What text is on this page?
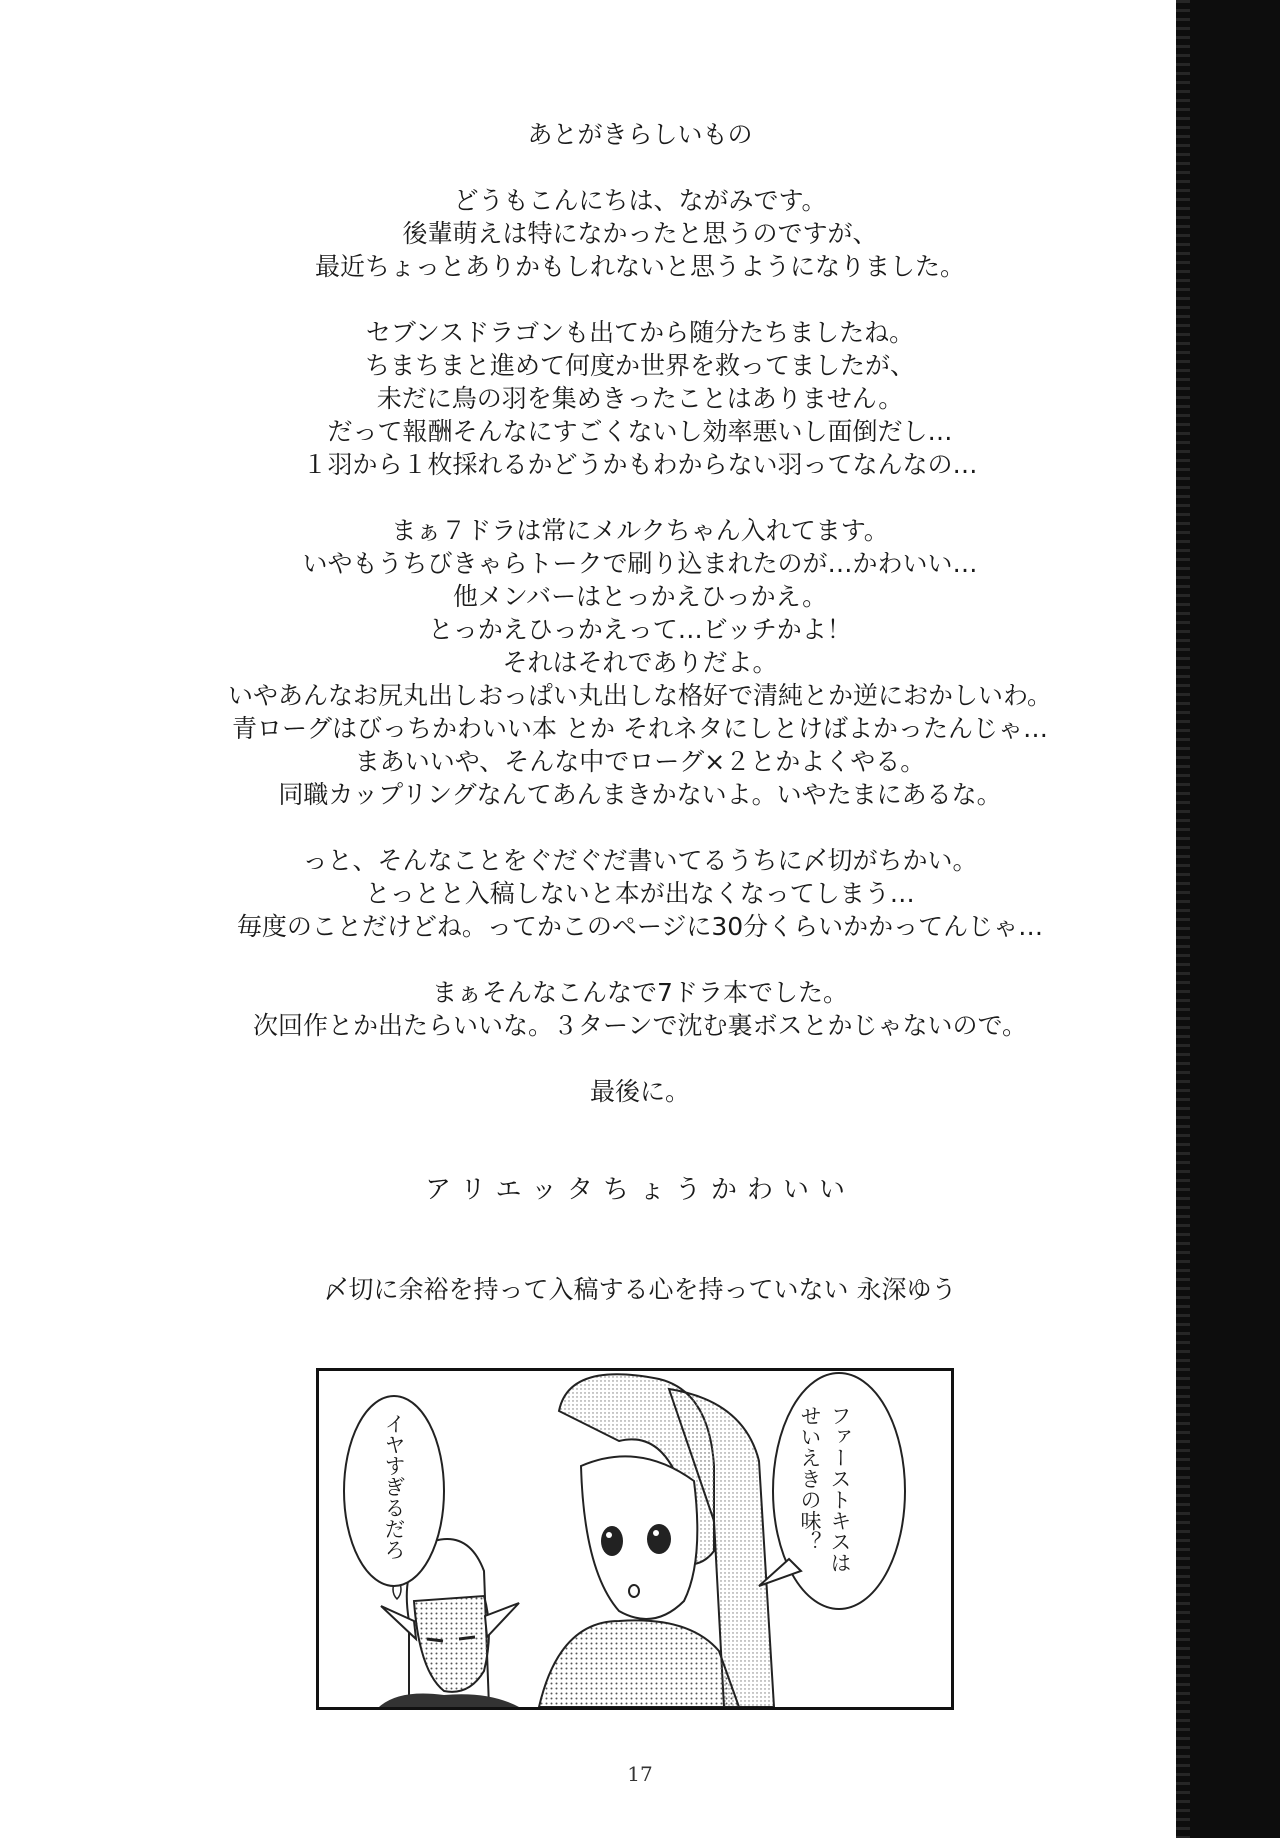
あとがきらしいもの
どうもこんにちは、ながみです。
後輩萌えは特になかったと思うのですが、
最近ちょっとありかもしれないと思うようになりました。
セブンスドラゴンも出てから随分たちましたね。
ちまちまと進めて何度か世界を救ってましたが、
未だに鳥の羽を集めきったことはありません。
だって報酬そんなにすごくないし効率悪いし面倒だし…
１羽から１枚採れるかどうかもわからない羽ってなんなの…
まぁ７ドラは常にメルクちゃん入れてます。
いやもうちびきゃらトークで刷り込まれたのが…かわいい…
他メンバーはとっかえひっかえ。
とっかえひっかえって…ビッチかよ！
それはそれでありだよ。
いやあんなお尻丸出しおっぱい丸出しな格好で清純とか逆におかしいわ。
青ローグはびっちかわいい本 とか それネタにしとけばよかったんじゃ…
まあいいや、そんな中でローグ×２とかよくやる。
同職カップリングなんてあんまきかないよ。いやたまにあるな。
っと、そんなことをぐだぐだ書いてるうちに〆切がちかい。
とっとと入稿しないと本が出なくなってしまう…
毎度のことだけどね。ってかこのページに30分くらいかかってんじゃ…
まぁそんなこんなで7ドラ本でした。
次回作とか出たらいいな。３ターンで沈む裏ボスとかじゃないので。
最後に。
アリエッタちょうかわいい
〆切に余裕を持って入稿する心を持っていない 永深ゆう
ファーストキスは
せいえきの味？
イヤすぎるだろ
17
